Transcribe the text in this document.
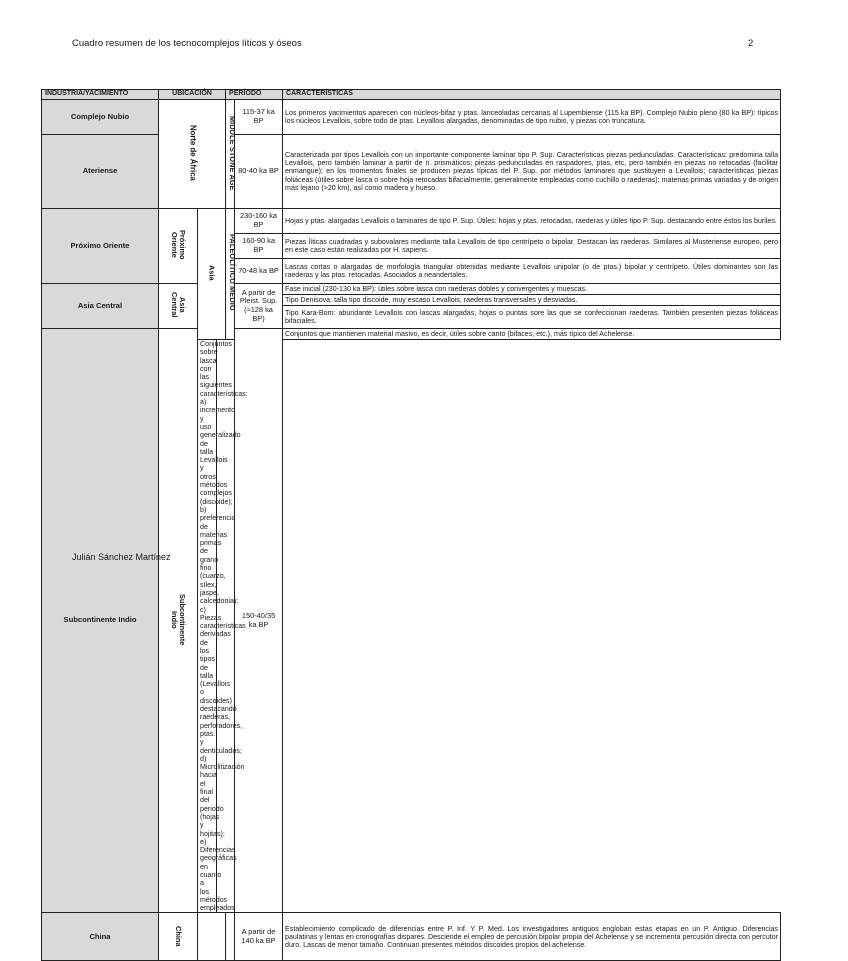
Cuadro resumen de los tecnocomplejos líticos y óseos	2
INDUSTRIA/YACIMIENTO	UBICACIÓN		PERÍODO		CARACTERÍSTICAS
Complejo Nubio	Norte de África		MIDDLE STONE AGE	115-37 ka BP	Los primeros yacimientos aparecen con núcleos-bifaz y ptas. lanceoladas cercanas al Lupembiense (115 ka BP). Complejo Nubio pleno (80 ka BP): típicos los núcleos Levallois, sobre todo de ptas. Levallois alargadas, denominadas de tipo nubio, y piezas con truncatura.
Ateriense				80-40 ka BP	Caracterizada por tipos Levallois con un importante componente laminar tipo P. Sup. Características piezas pedunculadas. Características: predomina talla Levallois, pero también laminar a partir de n. prismáticos; piezas pedunculadas en raspadores, ptas, etc, pero también en piezas no retocadas (facilitar enmangue); en los momentos finales se producen piezas típicas del P. Sup. por métodos laminares que sustituyen a Levallois; características piezas foliáceas (útiles sobre lasca o sobre hoja retocadas bifacialmente, generalmente empleadas como cuchillo o raederas); materias primas variadas y de origen más lejano (>20 km), así como madera y hueso.
Próximo Oriente	Próximo Oriente	Asia	PALEOLÍTICO MEDIO	230-160 ka BP	Hojas y ptas. alargadas Levallois o laminares de tipo P. Sup. Útiles: hojas y ptas. retocadas, raederas y útiles tipo P. Sup. destacando entre éstos los buriles.
				160-90 ka BP	Piezas líticas cuadradas y subovalares mediante talla Levallois de tipo centrípeto o bipolar. Destacan las raederas. Similares al Musteriense europeo, pero en este caso están realizadas por H. sapiens.
				70-48 ka BP	Lascas cortas o alargadas de morfología triangular obtenidas mediante Levallois unipolar (o de ptas.) bipolar y centrípeto. Útiles dominantes son las raederas y las ptas. retocadas. Asociados a neandertales.
Asia Central	Asia Central			A partir de Pleist. Sup. (≈128 ka BP)	Fase inicial (230-130 ka BP): útiles sobre lasca con raederas dobles y convergentes y muescas.
					Tipo Denisova: talla tipo discoide, muy escaso Levallois, raederas transversales y desviadas.
					Tipo Kara-Bom: abundante Levallois con lascas alargadas, hojas o puntas sore las que se confeccionan raederas. También presenten piezas foliáceas bifaciales.
Subcontinente Indio	Subcontinente Indio			150-40/35 ka BP	Conjuntos que mantienen material masivo, es decir, útiles sobre canto (bifaces, etc.), más típico del Achelense.
		Conjuntos sobre lasca con las siguientes características: a) incremento y uso generalizado de talla Levallois y otros métodos complejos (discoide); b) preferencia de materias primas de grano fino (cuarzo, sílex, jaspe, calcedonia); c) Piezas características derivadas de los tipos de talla (Levallois o discoides) destacando raederas, perforadores, ptas. y denticulados; d) Microlitización hacia el final del periodo (hojas y hojitas); e) Diferencias geográficas en cuanto a los métodos empleados			
China	China			A partir de 140 ka BP	Establecimiento complicado de diferencias entre P. Inf. Y P. Med. Los investigadores antiguos engloban estas etapas en un P. Antiguo. Diferencias paulatinas y lentas en cronografías dispares. Desciende el empleo de percusión bipolar propia del Achelense y se incrementa percusión directa con percutor duro. Lascas de menor tamaño. Continuan presentes métodos discoides propios del achelense.
Julián Sánchez Martínez
